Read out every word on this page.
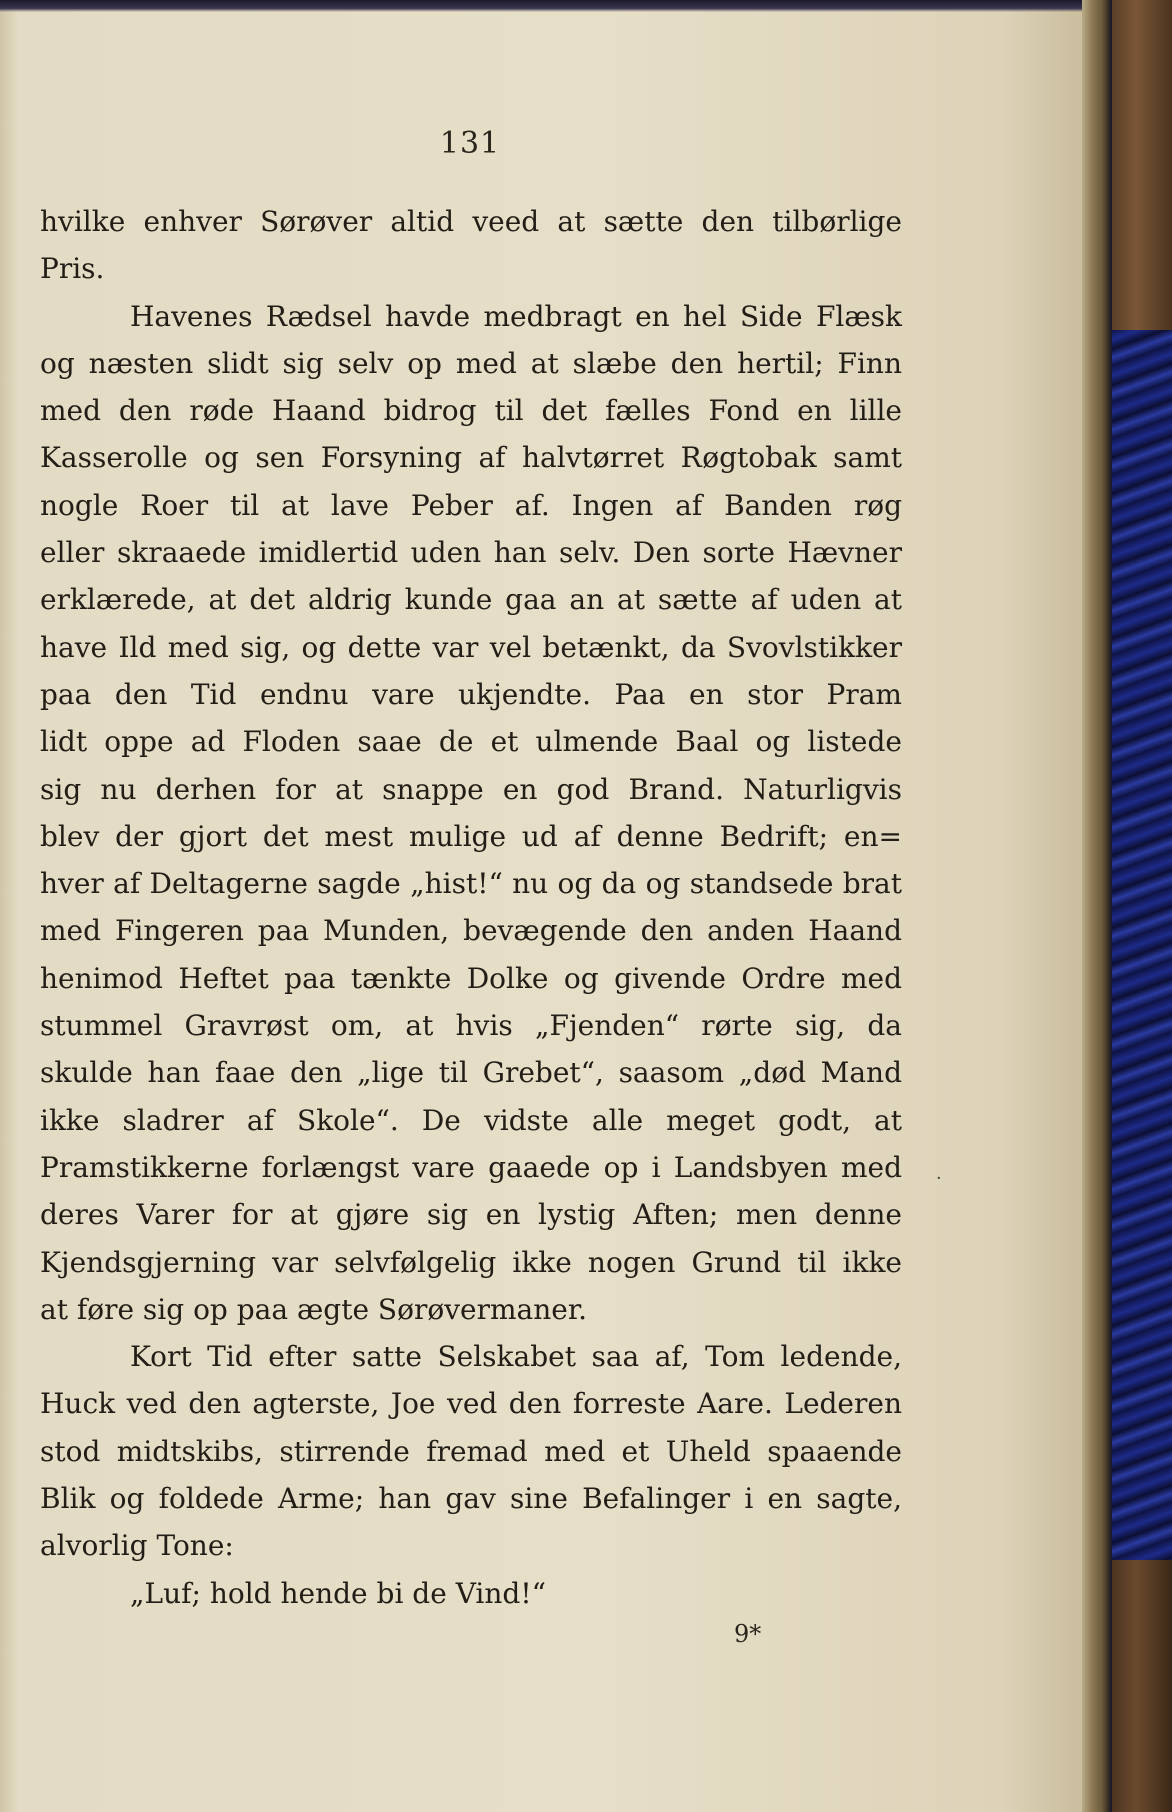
131
hvilke enhver Sørøver altid veed at sætte den tilbørlige
Pris.
Havenes Rædsel havde medbragt en hel Side Flæsk
og næsten slidt sig selv op med at slæbe den hertil; Finn
med den røde Haand bidrog til det fælles Fond en lille
Kasserolle og sen Forsyning af halvtørret Røgtobak samt
nogle Roer til at lave Peber af. Ingen af Banden røg
eller skraaede imidlertid uden han selv. Den sorte Hævner
erklærede, at det aldrig kunde gaa an at sætte af uden at
have Ild med sig, og dette var vel betænkt, da Svovlstikker
paa den Tid endnu vare ukjendte. Paa en stor Pram
lidt oppe ad Floden saae de et ulmende Baal og listede
sig nu derhen for at snappe en god Brand. Naturligvis
blev der gjort det mest mulige ud af denne Bedrift; en=
hver af Deltagerne sagde „hist!“ nu og da og standsede brat
med Fingeren paa Munden, bevægende den anden Haand
henimod Heftet paa tænkte Dolke og givende Ordre med
stummel Gravrøst om, at hvis „Fjenden“ rørte sig, da
skulde han faae den „lige til Grebet“, saasom „død Mand
ikke sladrer af Skole“. De vidste alle meget godt, at
Pramstikkerne forlængst vare gaaede op i Landsbyen med
deres Varer for at gjøre sig en lystig Aften; men denne
Kjendsgjerning var selvfølgelig ikke nogen Grund til ikke
at føre sig op paa ægte Sørøvermaner.
Kort Tid efter satte Selskabet saa af, Tom ledende,
Huck ved den agterste, Joe ved den forreste Aare. Lederen
stod midtskibs, stirrende fremad med et Uheld spaaende
Blik og foldede Arme; han gav sine Befalinger i en sagte,
alvorlig Tone:
„Luf; hold hende bi de Vind!“
·
9*
